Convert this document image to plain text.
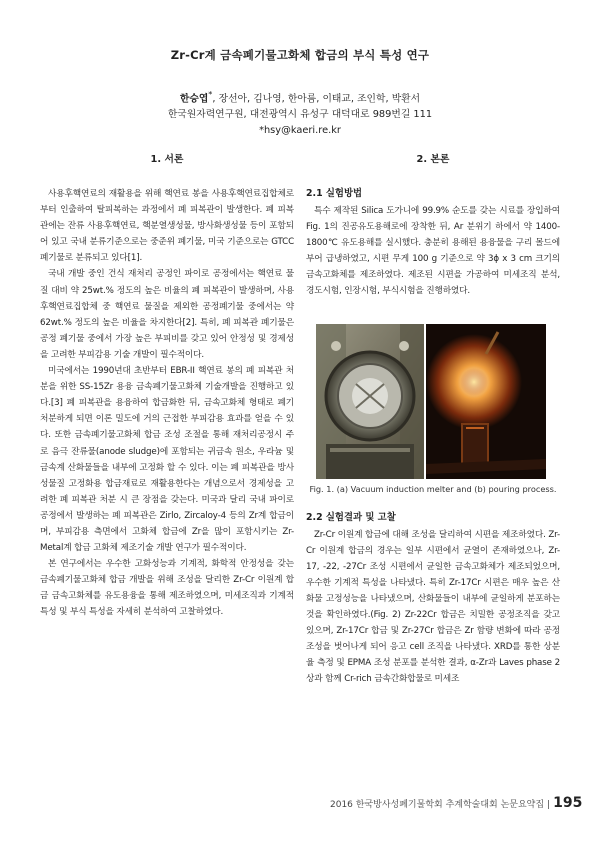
Zr-Cr계 금속폐기물고화체 합금의 부식 특성 연구
한승엽*, 장선아, 김나영, 한아름, 이태교, 조인학, 박환서
한국원자력연구원, 대전광역시 유성구 대덕대로 989번길 111
*hsy@kaeri.re.kr
1. 서론

사용후핵연료의 재활용을 위해 핵연료 봉을 사용후핵연료집합체로부터 인출하여 탈피복하는 과정에서 폐 피복관이 발생한다. 폐 피복관에는 잔류 사용후핵연료, 핵분열생성물, 방사화생성물 등이 포함되어 있고 국내 분류기준으로는 중준위 폐기물, 미국 기준으로는 GTCC 폐기물로 분류되고 있다[1].

국내 개발 중인 건식 재처리 공정인 파이로 공정에서는 핵연료 물질 대비 약 25wt.% 정도의 높은 비율의 폐 피복관이 발생하며, 사용후핵연료집합체 중 핵연료 물질을 제외한 공정폐기물 중에서는 약 62wt.% 정도의 높은 비율을 차지한다[2]. 특히, 폐 피복관 폐기물은 공정 폐기물 중에서 가장 높은 부피비를 갖고 있어 안정성 및 경제성을 고려한 부피감용 기술 개발이 필수적이다.

미국에서는 1990년대 초반부터 EBR-II 핵연료 봉의 폐 피복관 처분을 위한 SS-15Zr 용융 금속폐기물고화체 기술개발을 진행하고 있다.[3] 폐 피복관을 용융하여 합금화한 뒤, 금속고화체 형태로 폐기 처분하게 되면 이론 밀도에 거의 근접한 부피감용 효과를 얻을 수 있다. 또한 금속폐기물고화체 합금 조성 조절을 통해 재처리공정시 주로 음극 잔류물(anode sludge)에 포함되는 귀금속 원소, 우라늄 및 금속계 산화물들을 내부에 고정화 할 수 있다. 이는 폐 피복관을 방사성물질 고정화용 합금재료로 재활용한다는 개념으로서 경제성을 고려한 폐 피복관 처분 시 큰 장점을 갖는다. 미국과 달리 국내 파이로 공정에서 발생하는 폐 피복관은 Zirlo, Zircaloy-4 등의 Zr계 합금이며, 부피감용 측면에서 고화체 합금에 Zr을 많이 포함시키는 Zr-Metal계 합금 고화체 제조기술 개발 연구가 필수적이다.

본 연구에서는 우수한 고화성능과 기계적, 화학적 안정성을 갖는 금속폐기물고화체 합금 개발을 위해 조성을 달리한 Zr-Cr 이원계 합금 금속고화체를 유도용융을 통해 제조하였으며, 미세조직과 기계적 특성 및 부식 특성을 자세히 분석하여 고찰하였다.

2. 본론
2.1 실험방법

특수 제작된 Silica 도가니에 99.9% 순도를 갖는 시료를 장입하여 Fig. 1의 진공유도용해로에 장착한 뒤, Ar 분위기 하에서 약 1400-1800℃ 유도용해를 실시했다. 충분히 용해된 용융물을 구리 몰드에 부어 급냉하였고, 시편 무게 100 g 기준으로 약 3ϕ x 3 cm 크기의 금속고화체를 제조하였다. 제조된 시편을 가공하여 미세조직 분석, 경도시험, 인장시험, 부식시험을 진행하였다.

Fig. 1. (a) Vacuum induction melter and (b) pouring process.

2.2 실험결과 및 고찰

Zr-Cr 이원계 합금에 대해 조성을 달리하여 시편을 제조하였다. Zr-Cr 이원계 합금의 경우는 일부 시편에서 균열이 존재하였으나, Zr-17, -22, -27Cr 조성 시편에서 균일한 금속고화체가 제조되었으며, 우수한 기계적 특성을 나타냈다. 특히 Zr-17Cr 시편은 매우 높은 산화물 고정성능을 나타냈으며, 산화물들이 내부에 균일하게 분포하는 것을 확인하였다.(Fig. 2) Zr-22Cr 합금은 치밀한 공정조직을 갖고 있으며, Zr-17Cr 합금 및 Zr-27Cr 합금은 Zr 함량 변화에 따라 공정조성을 벗어나게 되어 응고 cell 조직을 나타냈다. XRD를 통한 상분율 측정 및 EPMA 조성 분포를 분석한 결과, α-Zr과 Laves phase 2상과 함께 Cr-rich 금속간화합물로 미세조

2016 한국방사성폐기물학회 추계학술대회 논문요약집 | 195
